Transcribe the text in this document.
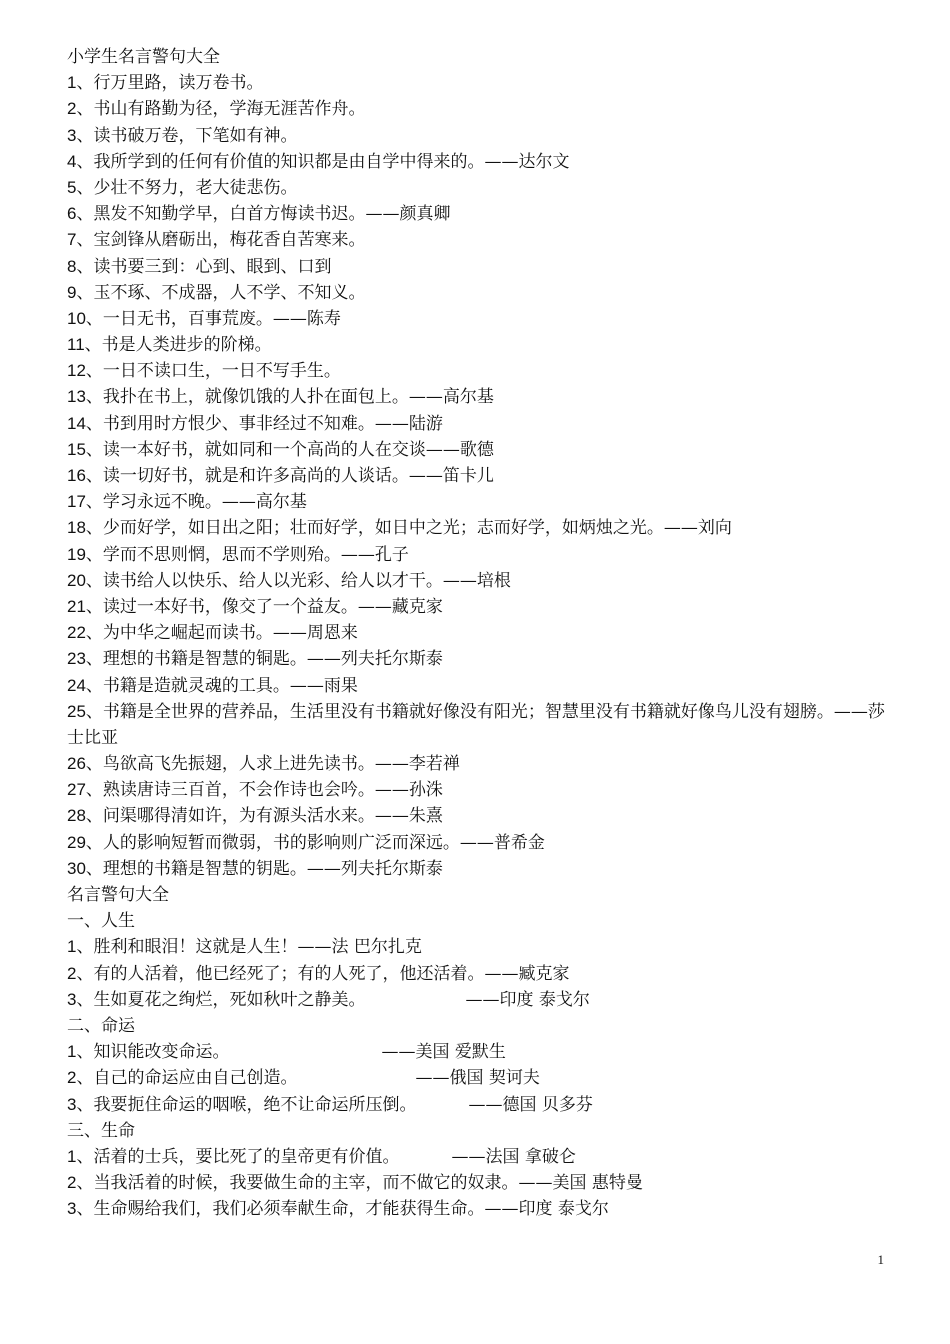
小学生名言警句大全
1、行万里路，读万卷书。
2、书山有路勤为径，学海无涯苦作舟。
3、读书破万卷，下笔如有神。
4、我所学到的任何有价值的知识都是由自学中得来的。——达尔文
5、少壮不努力，老大徒悲伤。
6、黑发不知勤学早，白首方悔读书迟。——颜真卿
7、宝剑锋从磨砺出，梅花香自苦寒来。
8、读书要三到：心到、眼到、口到
9、玉不琢、不成器，人不学、不知义。
10、一日无书，百事荒废。——陈寿
11、书是人类进步的阶梯。
12、一日不读口生，一日不写手生。
13、我扑在书上，就像饥饿的人扑在面包上。——高尔基
14、书到用时方恨少、事非经过不知难。——陆游
15、读一本好书，就如同和一个高尚的人在交谈——歌德
16、读一切好书，就是和许多高尚的人谈话。——笛卡儿
17、学习永远不晚。——高尔基
18、少而好学，如日出之阳；壮而好学，如日中之光；志而好学，如炳烛之光。——刘向
19、学而不思则惘，思而不学则殆。——孔子
20、读书给人以快乐、给人以光彩、给人以才干。——培根
21、读过一本好书，像交了一个益友。——藏克家
22、为中华之崛起而读书。——周恩来
23、理想的书籍是智慧的铜匙。——列夫托尔斯泰
24、书籍是造就灵魂的工具。——雨果
25、书籍是全世界的营养品，生活里没有书籍就好像没有阳光；智慧里没有书籍就好像鸟儿没有翅膀。——莎士比亚
26、鸟欲高飞先振翅，人求上进先读书。——李若禅
27、熟读唐诗三百首，不会作诗也会吟。——孙洙
28、问渠哪得清如许，为有源头活水来。——朱熹
29、人的影响短暂而微弱，书的影响则广泛而深远。——普希金
30、理想的书籍是智慧的钥匙。——列夫托尔斯泰
名言警句大全
一、人生
1、胜利和眼泪！这就是人生！——法 巴尔扎克
2、有的人活着，他已经死了；有的人死了，他还活着。——臧克家
3、生如夏花之绚烂，死如秋叶之静美。	——印度 泰戈尔
二、命运
1、知识能改变命运。	——美国 爱默生
2、自己的命运应由自己创造。	——俄国 契诃夫
3、我要扼住命运的咽喉，绝不让命运所压倒。	——德国 贝多芬
三、生命
1、活着的士兵，要比死了的皇帝更有价值。	——法国 拿破仑
2、当我活着的时候，我要做生命的主宰，而不做它的奴隶。——美国 惠特曼
3、生命赐给我们，我们必须奉献生命，才能获得生命。——印度 泰戈尔
1
